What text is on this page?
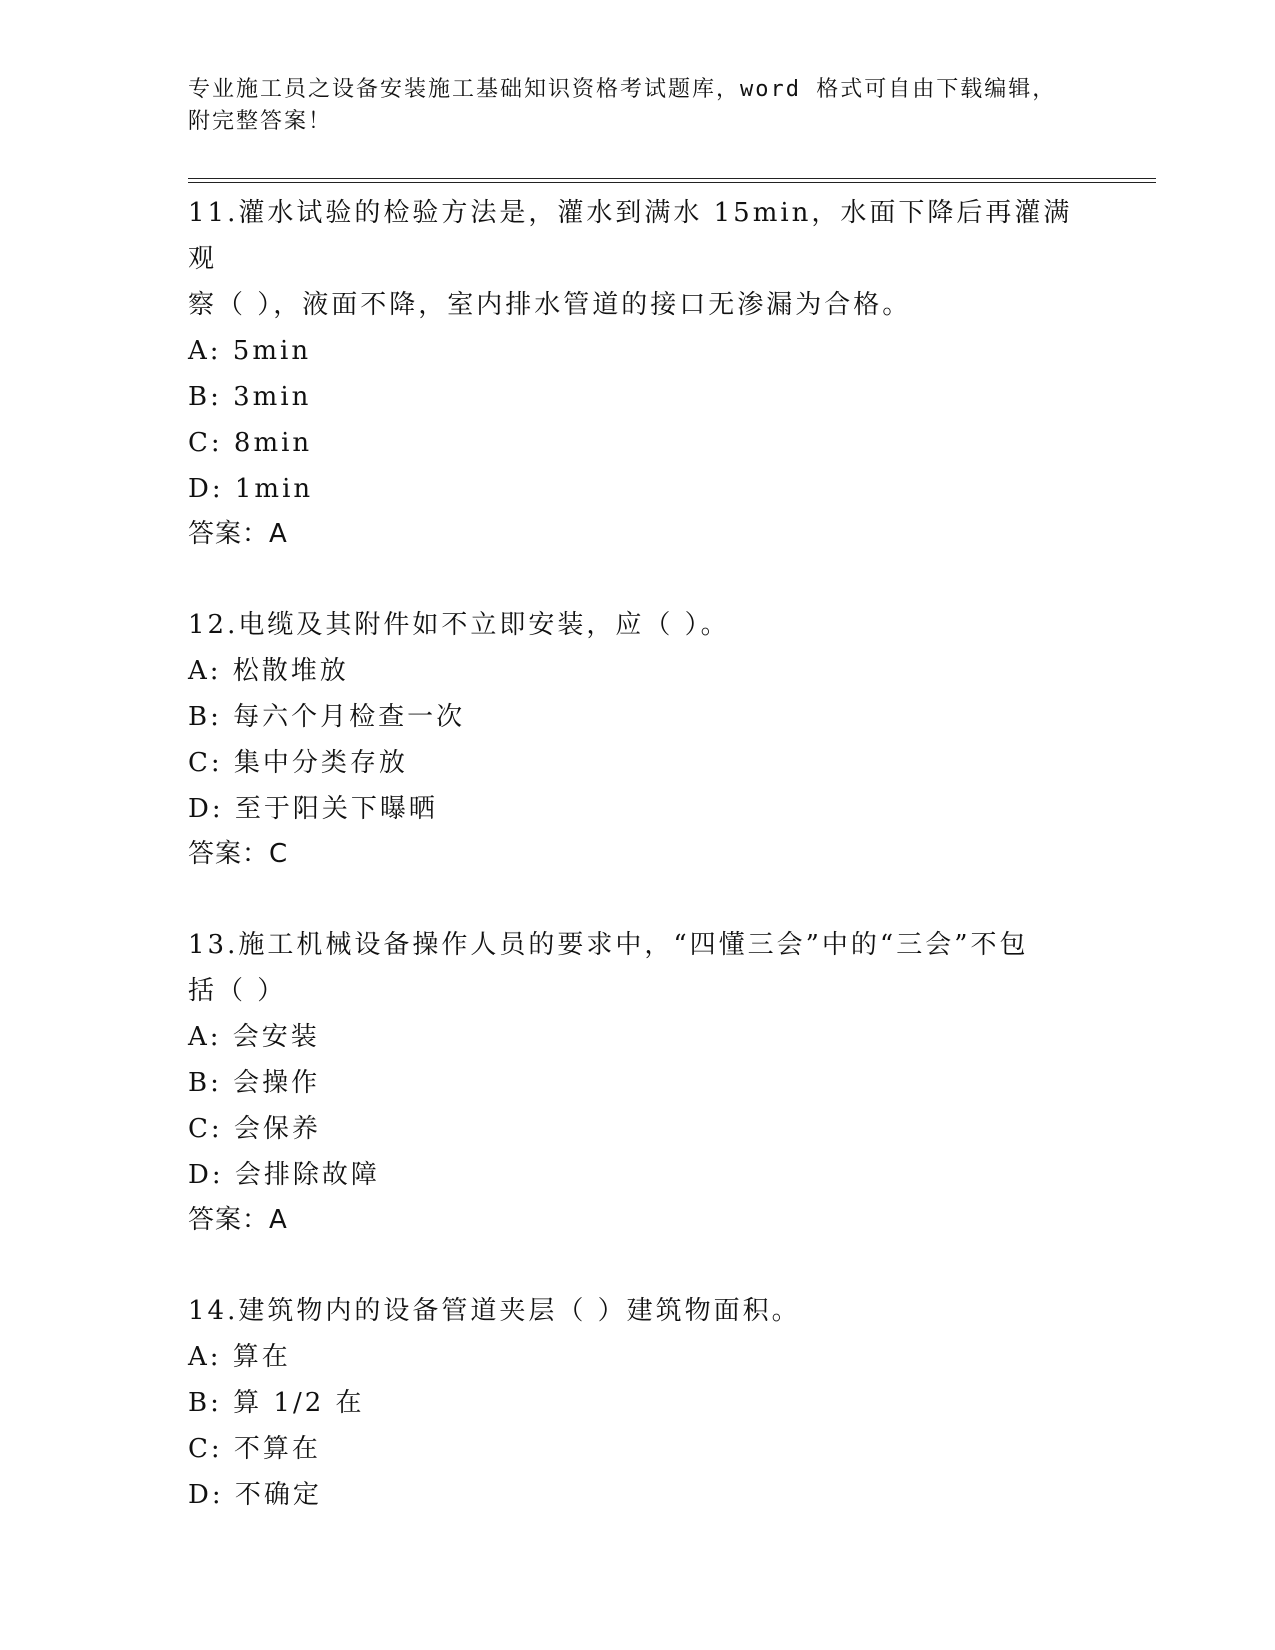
专业施工员之设备安装施工基础知识资格考试题库，word 格式可自由下载编辑，
附完整答案！

11.灌水试验的检验方法是，灌水到满水 15min，水面下降后再灌满观

察（ ），液面不降，室内排水管道的接口无渗漏为合格。

A: 5min

B: 3min

C: 8min

D: 1min

答案：A

12.电缆及其附件如不立即安装，应（ ）。

A: 松散堆放

B: 每六个月检查一次

C: 集中分类存放

D: 至于阳关下曝晒

答案：C

13.施工机械设备操作人员的要求中，“四懂三会”中的“三会”不包

括（ ）

A: 会安装

B: 会操作

C: 会保养

D: 会排除故障

答案：A

14.建筑物内的设备管道夹层（ ）建筑物面积。

A: 算在

B: 算 1/2 在

C: 不算在

D: 不确定
